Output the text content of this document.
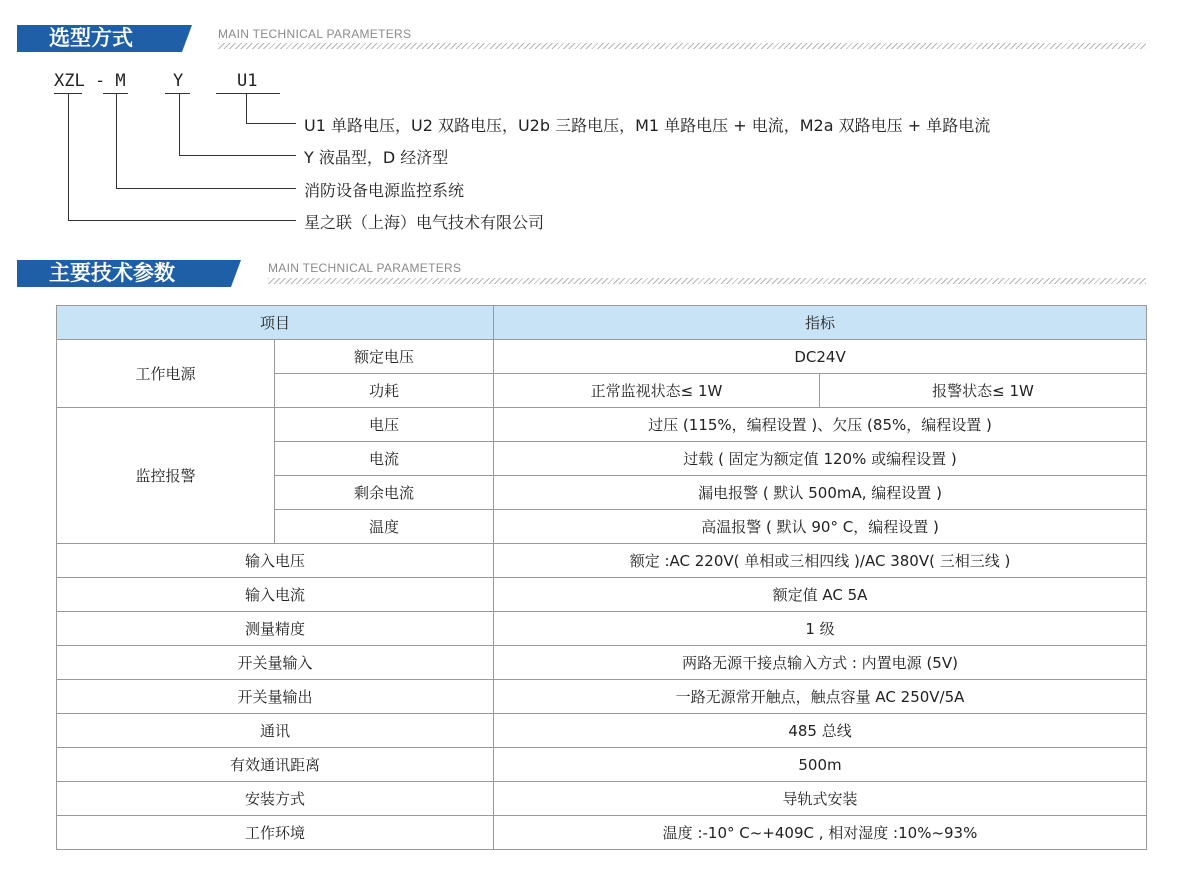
选型方式	MAIN TECHNICAL PARAMETERS
XZL - M	Y	U1
U1 单路电压，U2 双路电压，U2b 三路电压，M1 单路电压 + 电流，M2a 双路电压 + 单路电流
Y 液晶型，D 经济型
消防设备电源监控系统
星之联（上海）电气技术有限公司
主要技术参数	MAIN TECHNICAL PARAMETERS
项目		指标	
工作电源	额定电压	DC24V	
	功耗	正常监视状态≤ 1W	报警状态≤ 1W
监控报警	电压	过压 (115%，编程设置 )、欠压 (85%，编程设置 )	
	电流	过载 ( 固定为额定值 120% 或编程设置 )	
	剩余电流	漏电报警 ( 默认 500mA, 编程设置 )	
	温度	高温报警 ( 默认 90° C，编程设置 )	
输入电压		额定 :AC 220V( 单相或三相四线 )/AC 380V( 三相三线 )	
输入电流		额定值 AC 5A	
测量精度		1 级	
开关量输入		两路无源干接点输入方式 : 内置电源 (5V)	
开关量输出		一路无源常开触点，触点容量 AC 250V/5A	
通讯		485 总线	
有效通讯距离		500m	
安装方式		导轨式安装	
工作环境		温度 :-10° C~+409C , 相对湿度 :10%~93%	
